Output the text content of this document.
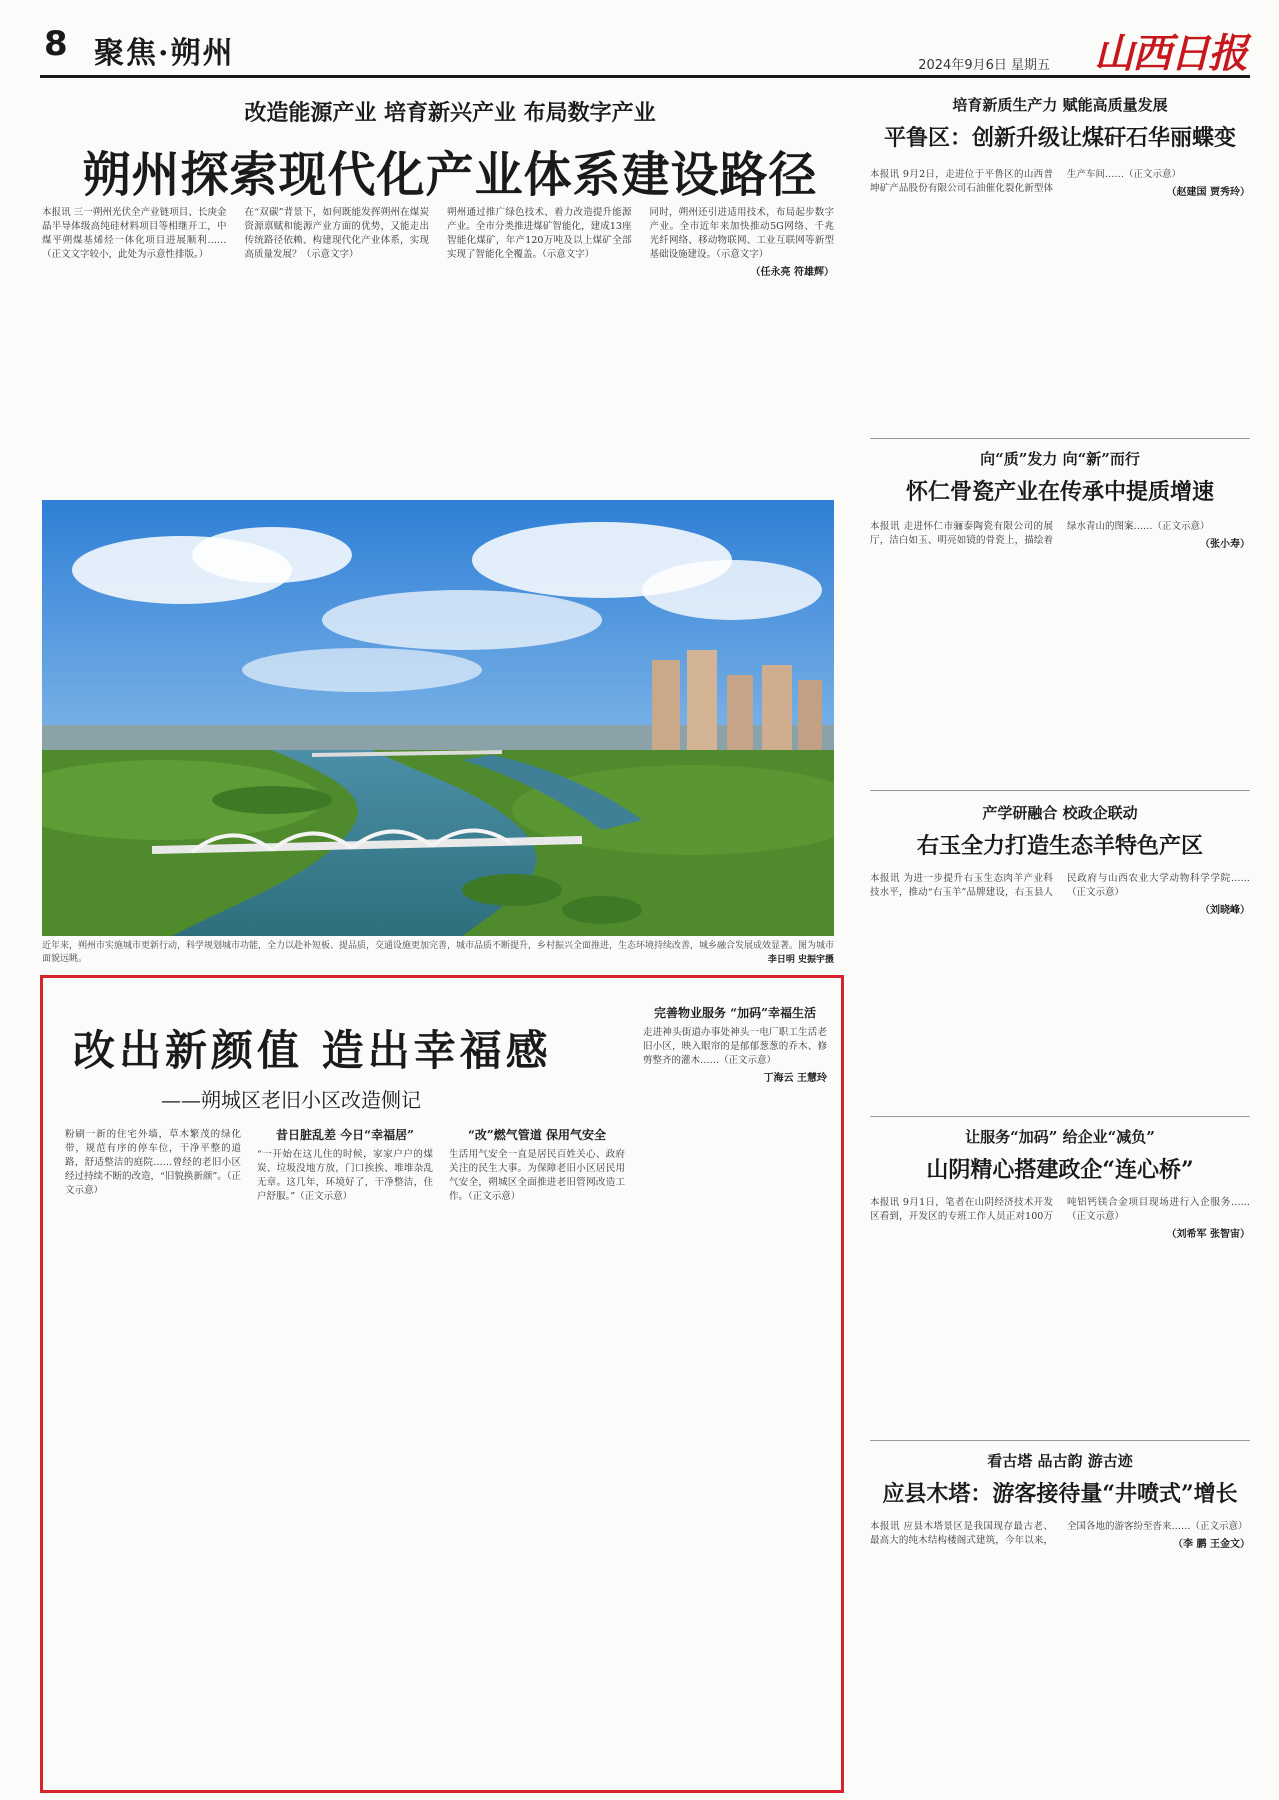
8 聚焦·朔州	2024年9月6日 星期五 山西日报
改造能源产业 培育新兴产业 布局数字产业
朔州探索现代化产业体系建设路径

本报讯 三一朔州光伏全产业链项目、长庚金晶半导体级高纯硅材料项目等相继开工，中煤平朔煤基烯烃一体化项目进展顺利……（正文文字较小，此处为示意性排版。）

在“双碳”背景下，如何既能发挥朔州在煤炭资源禀赋和能源产业方面的优势，又能走出传统路径依赖、构建现代化产业体系，实现高质量发展？（示意文字）

朔州通过推广绿色技术、着力改造提升能源产业。全市分类推进煤矿智能化，建成13座智能化煤矿，年产120万吨及以上煤矿全部实现了智能化全覆盖。（示意文字）

同时，朔州还引进适用技术，布局起步数字产业。全市近年来加快推动5G网络、千兆光纤网络、移动物联网、工业互联网等新型基础设施建设。（示意文字）

（任永亮 符雄辉）
近年来，朔州市实施城市更新行动，科学规划城市功能，全力以赴补短板、提品质，交通设施更加完善，城市品质不断提升，乡村振兴全面推进，生态环境持续改善，城乡融合发展成效显著。图为城市面貌远眺。	李日明 史振宇摄
培育新质生产力 赋能高质量发展
平鲁区：创新升级让煤矸石华丽蝶变

本报讯 9月2日，走进位于平鲁区的山西普坤矿产品股份有限公司石油催化裂化新型体生产车间……（正文示意）

（赵建国 贾秀玲）
向“质”发力 向“新”而行
怀仁骨瓷产业在传承中提质增速

本报讯 走进怀仁市骊泰陶瓷有限公司的展厅，洁白如玉、明亮如镜的骨瓷上，描绘着绿水青山的图案……（正文示意）

（张小寿）
产学研融合 校政企联动
右玉全力打造生态羊特色产区

本报讯 为进一步提升右玉生态肉羊产业科技水平，推动“右玉羊”品牌建设，右玉县人民政府与山西农业大学动物科学学院……（正文示意）

（刘晓峰）
让服务“加码” 给企业“减负”
山阴精心搭建政企“连心桥”

本报讯 9月1日，笔者在山阴经济技术开发区看到，开发区的专班工作人员正对100万吨铝钙镁合金项目现场进行入企服务……（正文示意）

（刘希军 张智宙）
看古塔 品古韵 游古迹
应县木塔：游客接待量“井喷式”增长

本报讯 应县木塔景区是我国现存最古老、最高大的纯木结构楼阁式建筑，今年以来，全国各地的游客纷至沓来……（正文示意）

（李 鹏 王金文）
改出新颜值 造出幸福感
——朔城区老旧小区改造侧记

粉刷一新的住宅外墙，草木繁茂的绿化带，规范有序的停车位，干净平整的道路，舒适整洁的庭院……曾经的老旧小区经过持续不断的改造，“旧貌换新颜”。（正文示意）

昔日脏乱差 今日“幸福居”

“一开始在这儿住的时候，家家户户的煤炭、垃圾没地方放，门口挨挨、堆堆杂乱无章。这几年，环境好了，干净整洁，住户舒服。”（正文示意）

“改”燃气管道 保用气安全

生活用气安全一直是居民百姓关心、政府关注的民生大事。为保障老旧小区居民用气安全，朔城区全面推进老旧管网改造工作。（正文示意）

完善物业服务 “加码”幸福生活

走进神头街道办事处神头一电厂职工生活老旧小区，映入眼帘的是郁郁葱葱的乔木、修剪整齐的灌木……（正文示意）

丁海云 王慧玲
